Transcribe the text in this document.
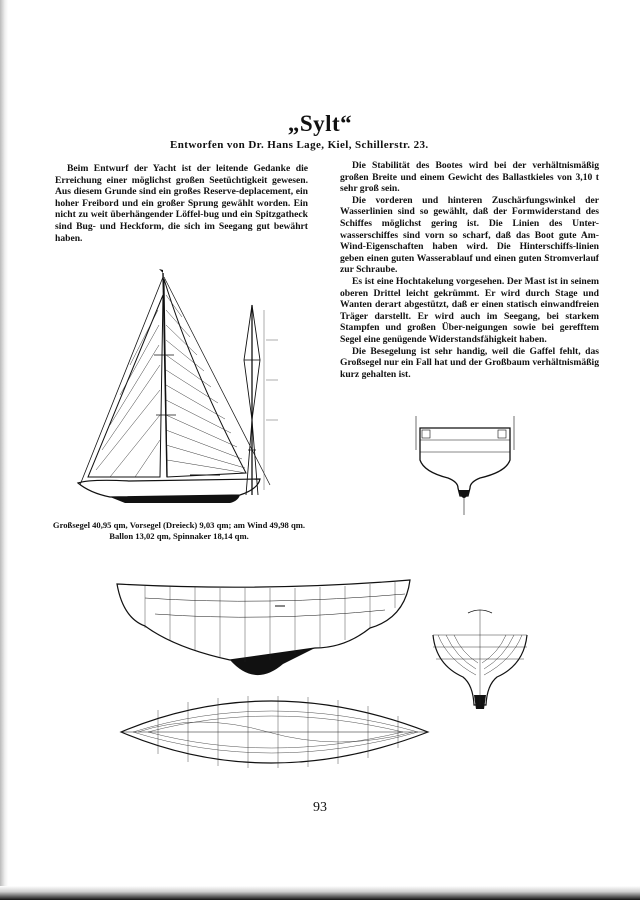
„Sylt“
Entworfen von Dr. Hans Lage, Kiel, Schillerstr. 23.

Beim Entwurf der Yacht ist der leitende Gedanke die Erreichung einer möglichst großen Seetüchtigkeit gewesen. Aus diesem Grunde sind ein großes Reserve-deplacement, ein hoher Freibord und ein großer Sprung gewählt worden. Ein nicht zu weit überhängender Löffel-bug und ein Spitzgatheck sind Bug- und Heckform, die sich im Seegang gut bewährt haben.

Die Stabilität des Bootes wird bei der verhältnismäßig großen Breite und einem Gewicht des Ballastkieles von 3,10 t sehr groß sein.

Die vorderen und hinteren Zuschärfungswinkel der Wasserlinien sind so gewählt, daß der Formwiderstand des Schiffes möglichst gering ist. Die Linien des Unter-wasserschiffes sind vorn so scharf, daß das Boot gute Am-Wind-Eigenschaften haben wird. Die Hinterschiffs-linien geben einen guten Wasserablauf und einen guten Stromverlauf zur Schraube.

Es ist eine Hochtakelung vorgesehen. Der Mast ist in seinem oberen Drittel leicht gekrümmt. Er wird durch Stage und Wanten derart abgestützt, daß er einen statisch einwandfreien Träger darstellt. Er wird auch im Seegang, bei starkem Stampfen und großen Über-neigungen sowie bei gerefftem Segel eine genügende Widerstandsfähigkeit haben.

Die Besegelung ist sehr handig, weil die Gaffel fehlt, das Großsegel nur ein Fall hat und der Großbaum verhältnismäßig kurz gehalten ist.

Großsegel 40,95 qm, Vorsegel (Dreieck) 9,03 qm; am Wind 49,98 qm.
Ballon 13,02 qm, Spinnaker 18,14 qm.
93
